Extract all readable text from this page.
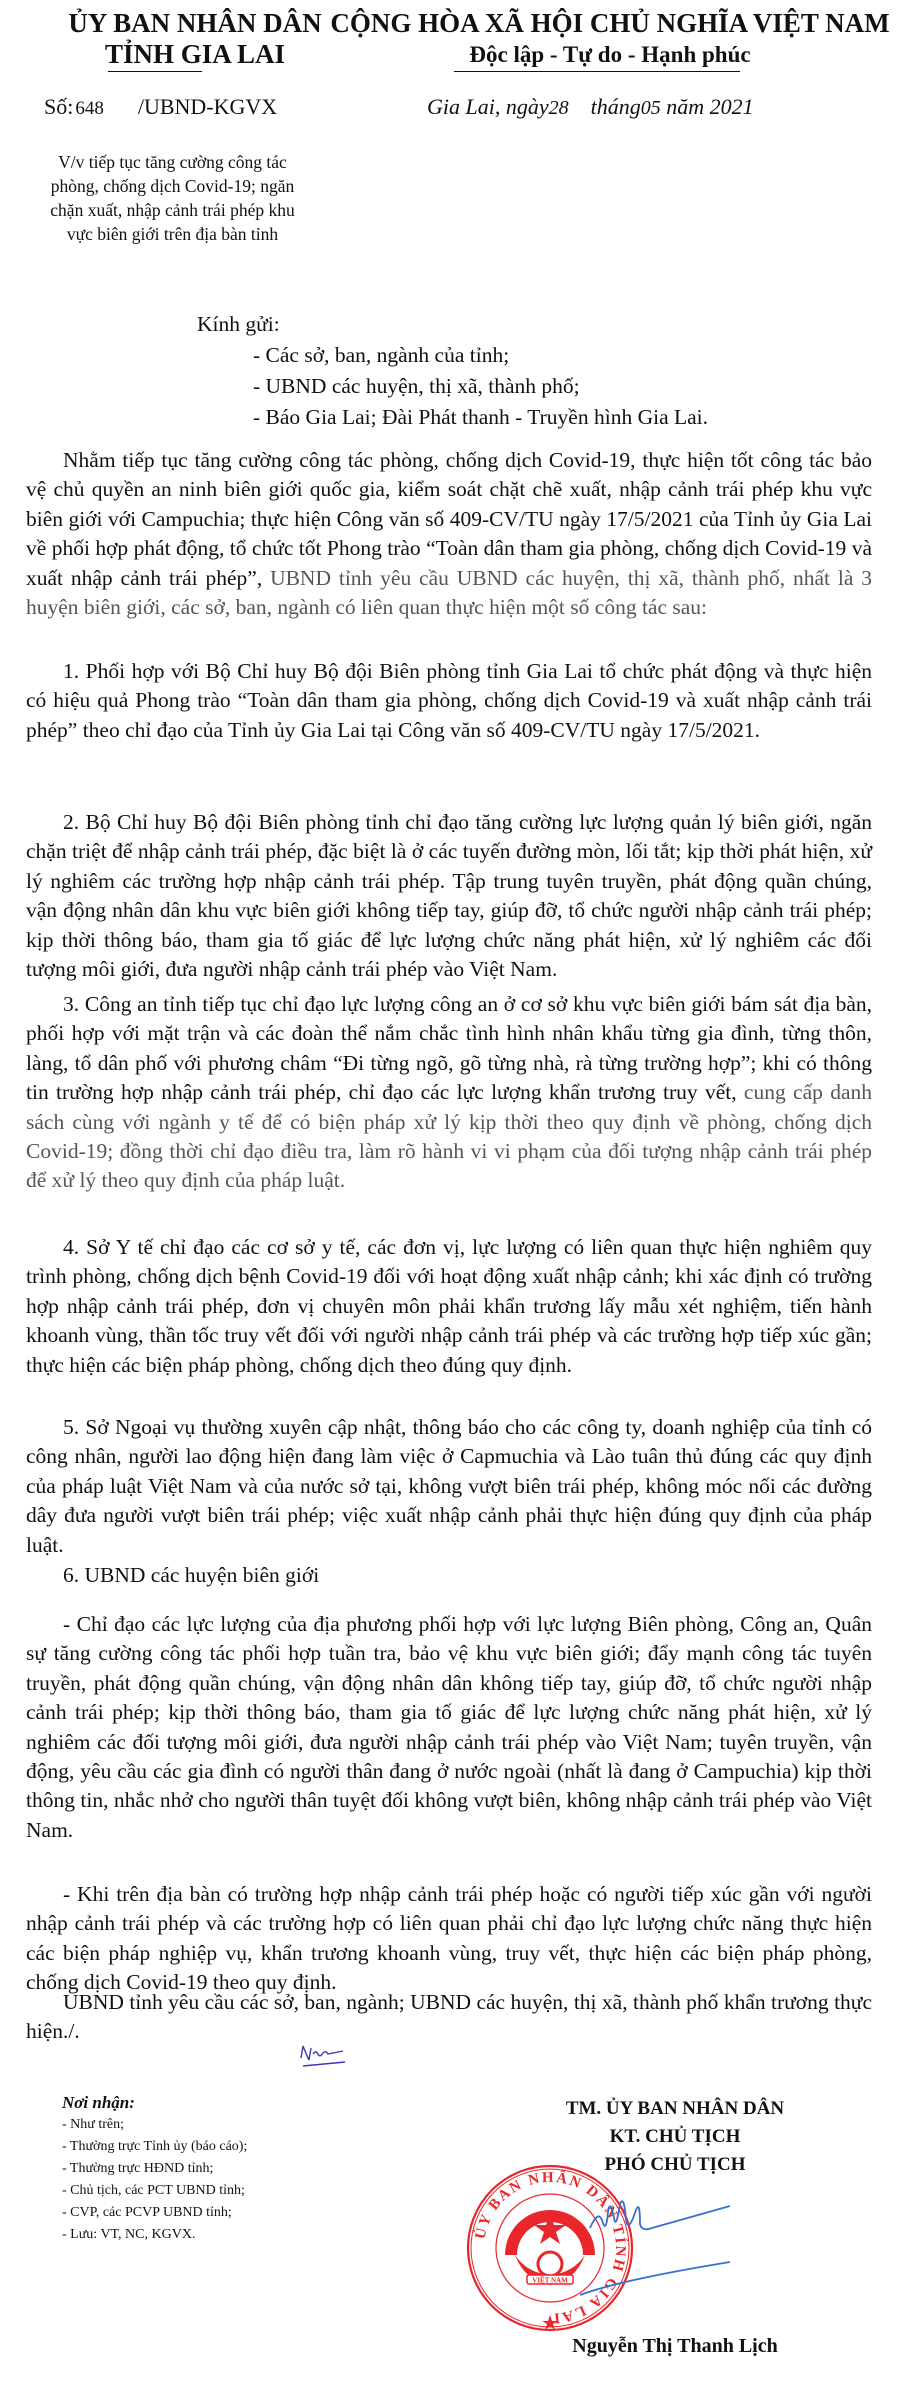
ỦY BAN NHÂN DÂN
TỈNH GIA LAI
CỘNG HÒA XÃ HỘI CHỦ NGHĨA VIỆT NAM
Độc lập - Tự do - Hạnh phúc
Số: 648 /UBND-KGVX	Gia Lai, ngày28 tháng05 năm 2021
V/v tiếp tục tăng cường công tác
phòng, chống dịch Covid-19; ngăn
chặn xuất, nhập cảnh trái phép khu
vực biên giới trên địa bàn tỉnh
Kính gửi:
- Các sở, ban, ngành của tỉnh;
- UBND các huyện, thị xã, thành phố;
- Báo Gia Lai; Đài Phát thanh - Truyền hình Gia Lai.
Nhằm tiếp tục tăng cường công tác phòng, chống dịch Covid-19, thực hiện tốt công tác bảo vệ chủ quyền an ninh biên giới quốc gia, kiểm soát chặt chẽ xuất, nhập cảnh trái phép khu vực biên giới với Campuchia; thực hiện Công văn số 409-CV/TU ngày 17/5/2021 của Tỉnh ủy Gia Lai về phối hợp phát động, tổ chức tốt Phong trào “Toàn dân tham gia phòng, chống dịch Covid-19 và xuất nhập cảnh trái phép”, UBND tỉnh yêu cầu UBND các huyện, thị xã, thành phố, nhất là 3 huyện biên giới, các sở, ban, ngành có liên quan thực hiện một số công tác sau:
1. Phối hợp với Bộ Chỉ huy Bộ đội Biên phòng tỉnh Gia Lai tổ chức phát động và thực hiện có hiệu quả Phong trào “Toàn dân tham gia phòng, chống dịch Covid-19 và xuất nhập cảnh trái phép” theo chỉ đạo của Tỉnh ủy Gia Lai tại Công văn số 409-CV/TU ngày 17/5/2021.
2. Bộ Chỉ huy Bộ đội Biên phòng tỉnh chỉ đạo tăng cường lực lượng quản lý biên giới, ngăn chặn triệt để nhập cảnh trái phép, đặc biệt là ở các tuyến đường mòn, lối tắt; kịp thời phát hiện, xử lý nghiêm các trường hợp nhập cảnh trái phép. Tập trung tuyên truyền, phát động quần chúng, vận động nhân dân khu vực biên giới không tiếp tay, giúp đỡ, tổ chức người nhập cảnh trái phép; kịp thời thông báo, tham gia tố giác để lực lượng chức năng phát hiện, xử lý nghiêm các đối tượng môi giới, đưa người nhập cảnh trái phép vào Việt Nam.
3. Công an tỉnh tiếp tục chỉ đạo lực lượng công an ở cơ sở khu vực biên giới bám sát địa bàn, phối hợp với mặt trận và các đoàn thể nắm chắc tình hình nhân khẩu từng gia đình, từng thôn, làng, tổ dân phố với phương châm “Đi từng ngõ, gõ từng nhà, rà từng trường hợp”; khi có thông tin trường hợp nhập cảnh trái phép, chỉ đạo các lực lượng khẩn trương truy vết, cung cấp danh sách cùng với ngành y tế để có biện pháp xử lý kịp thời theo quy định về phòng, chống dịch Covid-19; đồng thời chỉ đạo điều tra, làm rõ hành vi vi phạm của đối tượng nhập cảnh trái phép để xử lý theo quy định của pháp luật.
4. Sở Y tế chỉ đạo các cơ sở y tế, các đơn vị, lực lượng có liên quan thực hiện nghiêm quy trình phòng, chống dịch bệnh Covid-19 đối với hoạt động xuất nhập cảnh; khi xác định có trường hợp nhập cảnh trái phép, đơn vị chuyên môn phải khẩn trương lấy mẫu xét nghiệm, tiến hành khoanh vùng, thần tốc truy vết đối với người nhập cảnh trái phép và các trường hợp tiếp xúc gần; thực hiện các biện pháp phòng, chống dịch theo đúng quy định.
5. Sở Ngoại vụ thường xuyên cập nhật, thông báo cho các công ty, doanh nghiệp của tỉnh có công nhân, người lao động hiện đang làm việc ở Capmuchia và Lào tuân thủ đúng các quy định của pháp luật Việt Nam và của nước sở tại, không vượt biên trái phép, không móc nối các đường dây đưa người vượt biên trái phép; việc xuất nhập cảnh phải thực hiện đúng quy định của pháp luật.
6. UBND các huyện biên giới
- Chỉ đạo các lực lượng của địa phương phối hợp với lực lượng Biên phòng, Công an, Quân sự tăng cường công tác phối hợp tuần tra, bảo vệ khu vực biên giới; đẩy mạnh công tác tuyên truyền, phát động quần chúng, vận động nhân dân không tiếp tay, giúp đỡ, tổ chức người nhập cảnh trái phép; kịp thời thông báo, tham gia tố giác để lực lượng chức năng phát hiện, xử lý nghiêm các đối tượng môi giới, đưa người nhập cảnh trái phép vào Việt Nam; tuyên truyền, vận động, yêu cầu các gia đình có người thân đang ở nước ngoài (nhất là đang ở Campuchia) kịp thời thông tin, nhắc nhở cho người thân tuyệt đối không vượt biên, không nhập cảnh trái phép vào Việt Nam.
- Khi trên địa bàn có trường hợp nhập cảnh trái phép hoặc có người tiếp xúc gần với người nhập cảnh trái phép và các trường hợp có liên quan phải chỉ đạo lực lượng chức năng thực hiện các biện pháp nghiệp vụ, khẩn trương khoanh vùng, truy vết, thực hiện các biện pháp phòng, chống dịch Covid-19 theo quy định.
UBND tỉnh yêu cầu các sở, ban, ngành; UBND các huyện, thị xã, thành phố khẩn trương thực hiện./.
Nơi nhận:
- Như trên;
- Thường trực Tỉnh ủy (báo cáo);
- Thường trực HĐND tỉnh;
- Chủ tịch, các PCT UBND tỉnh;
- CVP, các PCVP UBND tỉnh;
- Lưu: VT, NC, KGVX.
TM. ỦY BAN NHÂN DÂN
KT. CHỦ TỊCH
PHÓ CHỦ TỊCH
ỦY BAN NHÂN DÂN TỈNH GIA LAI
VIỆT NAM
Nguyễn Thị Thanh Lịch
